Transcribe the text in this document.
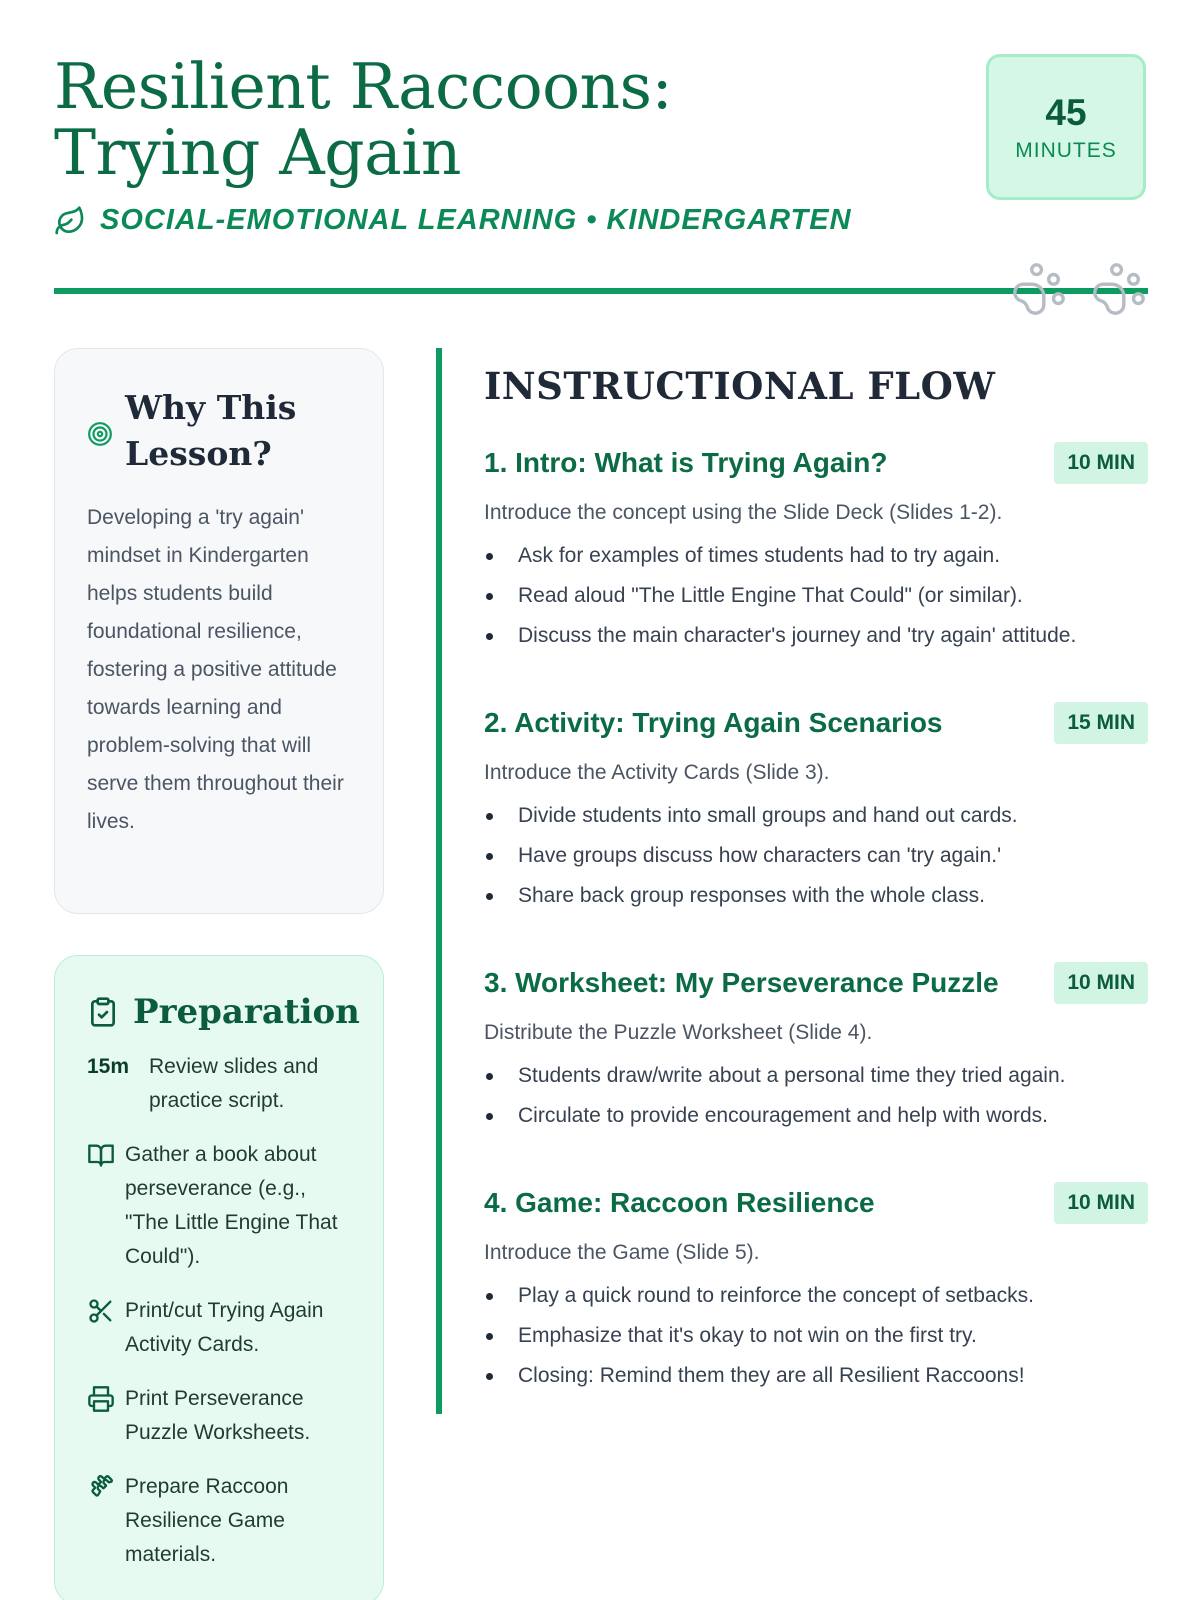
Resilient Raccoons: Trying Again
SOCIAL-EMOTIONAL LEARNING • KINDERGARTEN
45
MINUTES
Why This Lesson?

Developing a 'try again' mindset in Kindergarten helps students build foundational resilience, fostering a positive attitude towards learning and problem-solving that will serve them throughout their lives.

Preparation
15m Review slides and practice script.
Gather a book about perseverance (e.g., "The Little Engine That Could").
Print/cut Trying Again Activity Cards.
Print Perseverance Puzzle Worksheets.
Prepare Raccoon Resilience Game materials.
INSTRUCTIONAL FLOW
1. Intro: What is Trying Again?	10 MIN

Introduce the concept using the Slide Deck (Slides 1-2).

Ask for examples of times students had to try again.
Read aloud "The Little Engine That Could" (or similar).
Discuss the main character's journey and 'try again' attitude.
2. Activity: Trying Again Scenarios	15 MIN

Introduce the Activity Cards (Slide 3).

Divide students into small groups and hand out cards.
Have groups discuss how characters can 'try again.'
Share back group responses with the whole class.
3. Worksheet: My Perseverance Puzzle	10 MIN

Distribute the Puzzle Worksheet (Slide 4).

Students draw/write about a personal time they tried again.
Circulate to provide encouragement and help with words.
4. Game: Raccoon Resilience	10 MIN

Introduce the Game (Slide 5).

Play a quick round to reinforce the concept of setbacks.
Emphasize that it's okay to not win on the first try.
Closing: Remind them they are all Resilient Raccoons!
